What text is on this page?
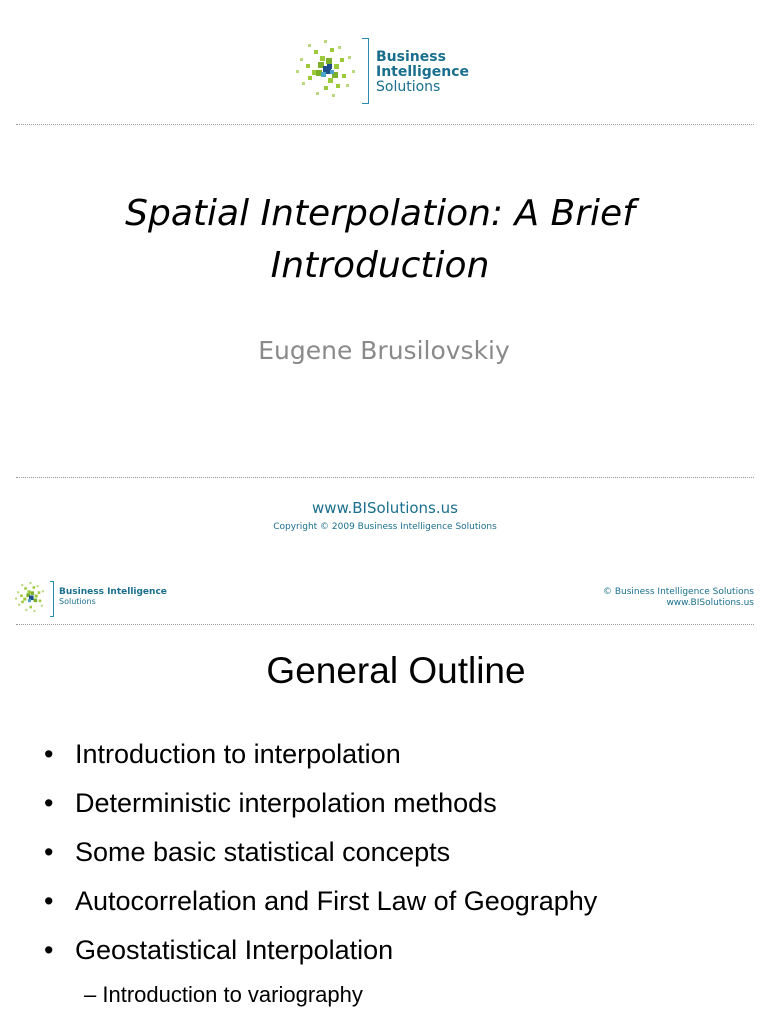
Business
Intelligence
Solutions
Spatial Interpolation: A Brief Introduction
Eugene Brusilovskiy
www.BISolutions.us
Copyright © 2009 Business Intelligence Solutions
Business Intelligence
Solutions
© Business Intelligence Solutions
www.BISolutions.us
General Outline
• Introduction to interpolation
• Deterministic interpolation methods
• Some basic statistical concepts
• Autocorrelation and First Law of Geography
• Geostatistical Interpolation
– Introduction to variography
